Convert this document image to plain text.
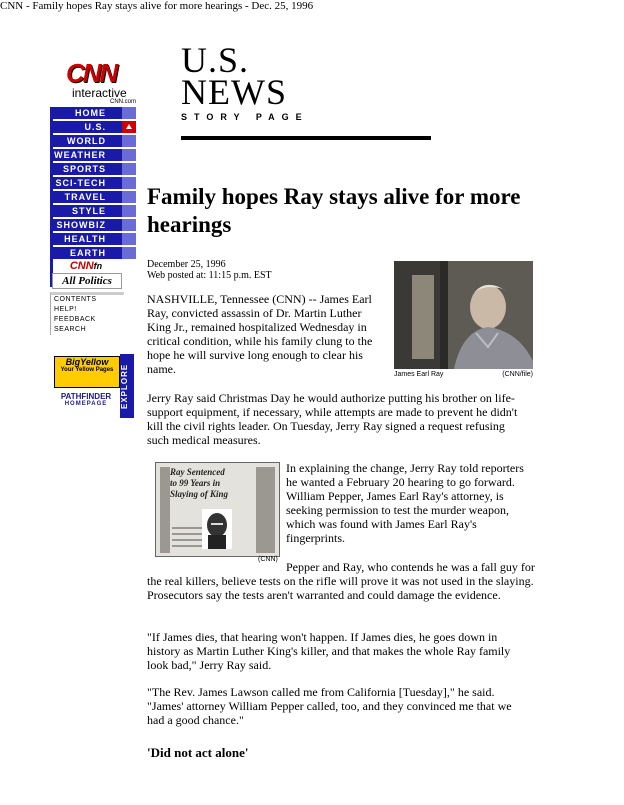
CNN - Family hopes Ray stays alive for more hearings - Dec. 25, 1996
CNN
interactive
CNN.com
HOME
U.S.
WORLD
WEATHER
SPORTS
SCI-TECH
TRAVEL
STYLE
SHOWBIZ
HEALTH
EARTH
CNNfn
All Politics
CONTENTS
HELP!
FEEDBACK
SEARCH
BigYellow
Your Yellow Pages
PATHFINDER
HOMEPAGE	EXPLORE
U.S.
NEWS
STORY PAGE
Family hopes Ray stays alive for more hearings
December 25, 1996
Web posted at: 11:15 p.m. EST
James Earl Ray	(CNN/file)

NASHVILLE, Tennessee (CNN) -- James Earl Ray, convicted assassin of Dr. Martin Luther King Jr., remained hospitalized Wednesday in critical condition, while his family clung to the hope he will survive long enough to clear his name.

Jerry Ray said Christmas Day he would authorize putting his brother on life-support equipment, if necessary, while attempts are made to prevent he didn't kill the civil rights leader. On Tuesday, Jerry Ray signed a request refusing such medical measures.

Ray Sentenced
to 99 Years in
Slaying of King
(CNN)

In explaining the change, Jerry Ray told reporters he wanted a February 20 hearing to go forward. William Pepper, James Earl Ray's attorney, is seeking permission to test the murder weapon, which was found with James Earl Ray's fingerprints.

Pepper and Ray, who contends he was a fall guy for the real killers, believe tests on the rifle will prove it was not used in the slaying. Prosecutors say the tests aren't warranted and could damage the evidence.

"If James dies, that hearing won't happen. If James dies, he goes down in history as Martin Luther King's killer, and that makes the whole Ray family look bad," Jerry Ray said.

"The Rev. James Lawson called me from California [Tuesday]," he said. "James' attorney William Pepper called, too, and they convinced me that we had a good chance."

'Did not act alone'
